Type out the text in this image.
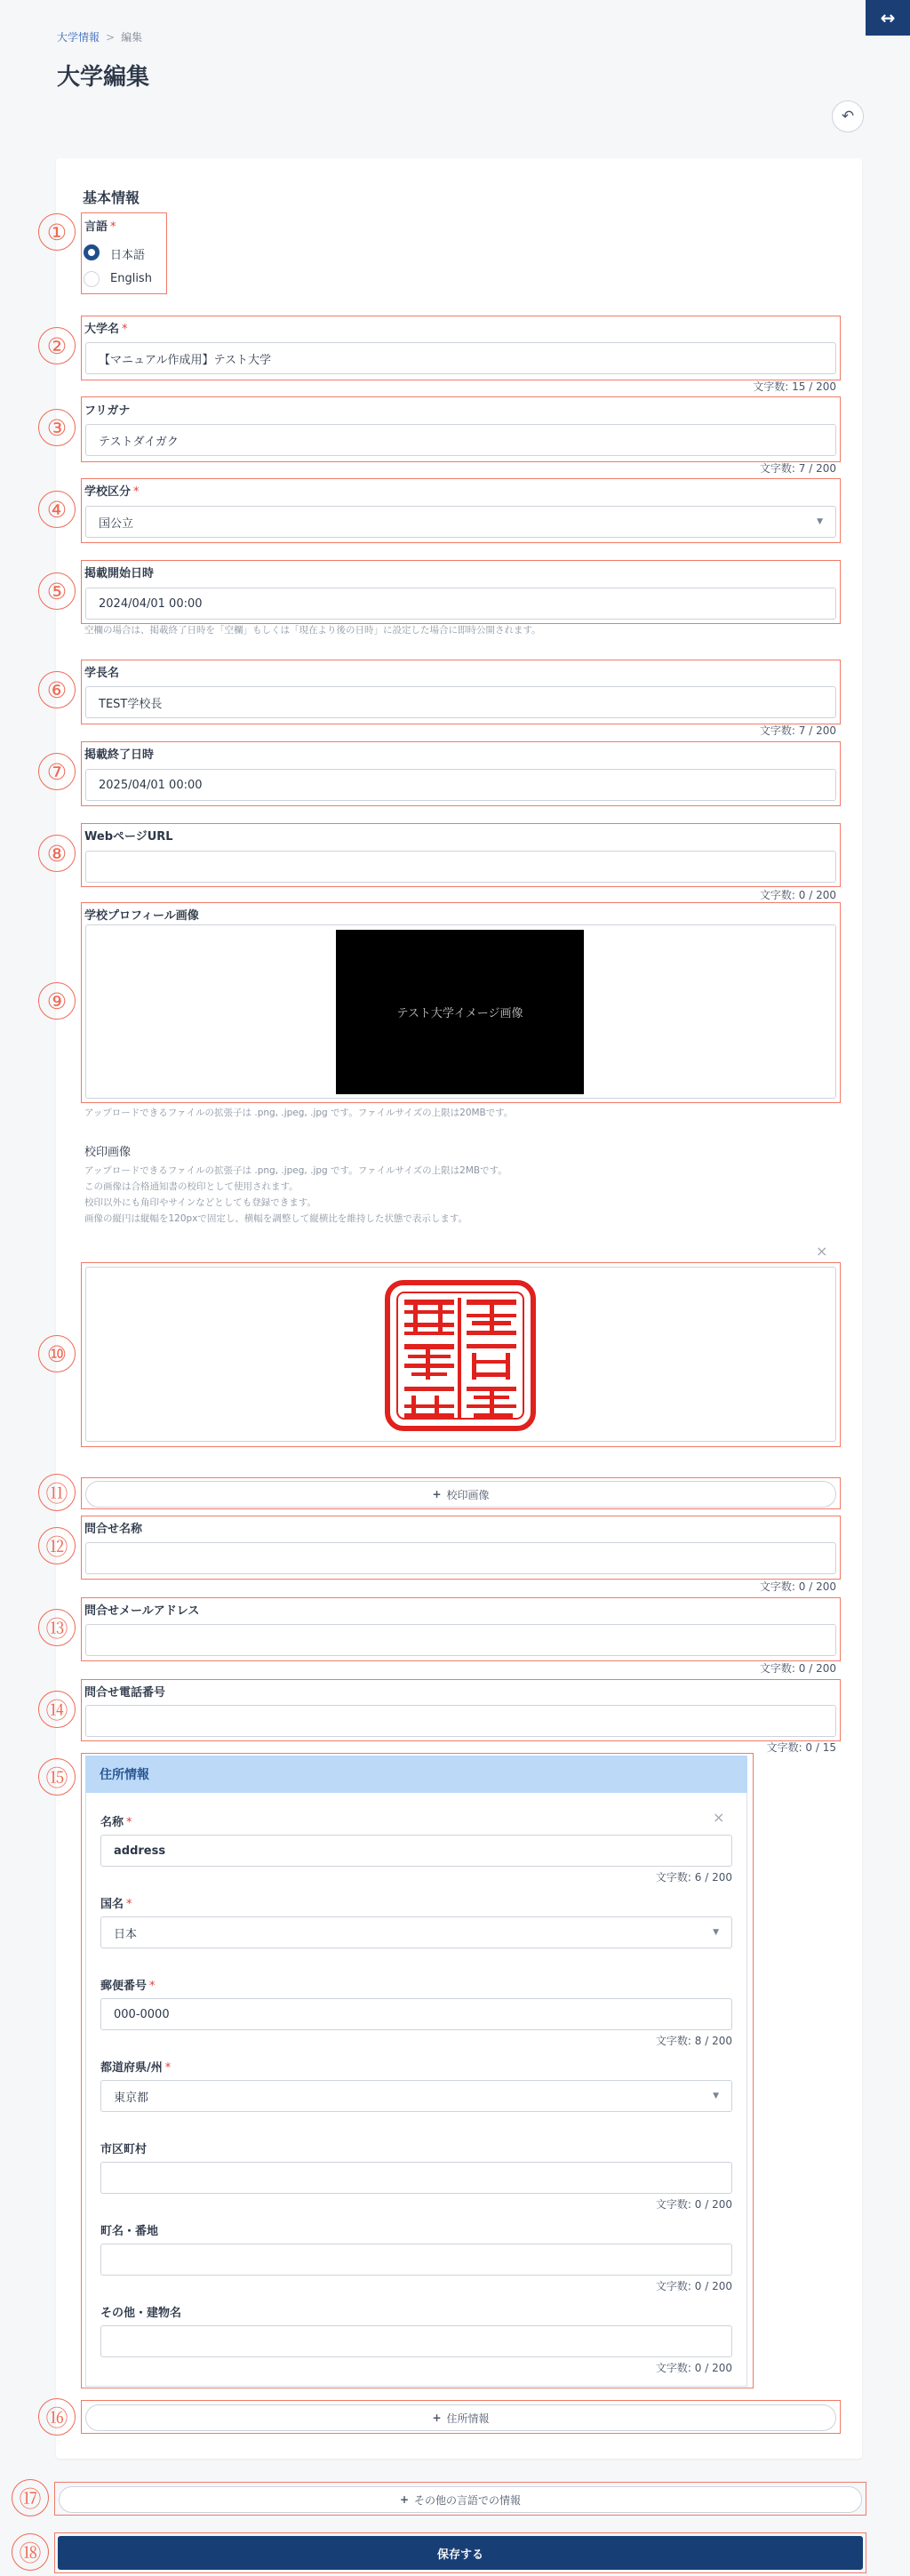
大学情報 > 編集
大学編集
↔
↶
基本情報
①	言語 *
日本語
English
②
大学名 *
【マニュアル作成用】テスト大学
文字数: 15 / 200
③
フリガナ
テストダイガク
文字数: 7 / 200
④
学校区分 *
国公立	▼
⑤
掲載開始日時
2024/04/01 00:00
空欄の場合は、掲載終了日時を「空欄」もしくは「現在より後の日時」に設定した場合に即時公開されます。
⑥
学長名
TEST学校長
文字数: 7 / 200
⑦
掲載終了日時
2025/04/01 00:00
⑧
WebページURL
文字数: 0 / 200
⑨
学校プロフィール画像
テスト大学イメージ画像
アップロードできるファイルの拡張子は .png, .jpeg, .jpg です。ファイルサイズの上限は20MBです。
校印画像
アップロードできるファイルの拡張子は .png, .jpeg, .jpg です。ファイルサイズの上限は2MBです。
この画像は合格通知書の校印として使用されます。
校印以外にも角印やサインなどとしても登録できます。
画像の縦円は縦幅を120pxで固定し、横幅を調整して縦横比を維持した状態で表示します。
×
⑩
⑪	+ 校印画像
⑫
問合せ名称
文字数: 0 / 200
⑬
問合せメールアドレス
文字数: 0 / 200
⑭
問合せ電話番号
文字数: 0 / 15
⑮	住所情報
×
名称 *
address
文字数: 6 / 200
国名 *
日本	▼
郵便番号 *
000-0000
文字数: 8 / 200
都道府県/州 *
東京都	▼
市区町村
文字数: 0 / 200
町名・番地
文字数: 0 / 200
その他・建物名
文字数: 0 / 200
⑯	+ 住所情報
⑰	+ その他の言語での情報
⑱	保存する
